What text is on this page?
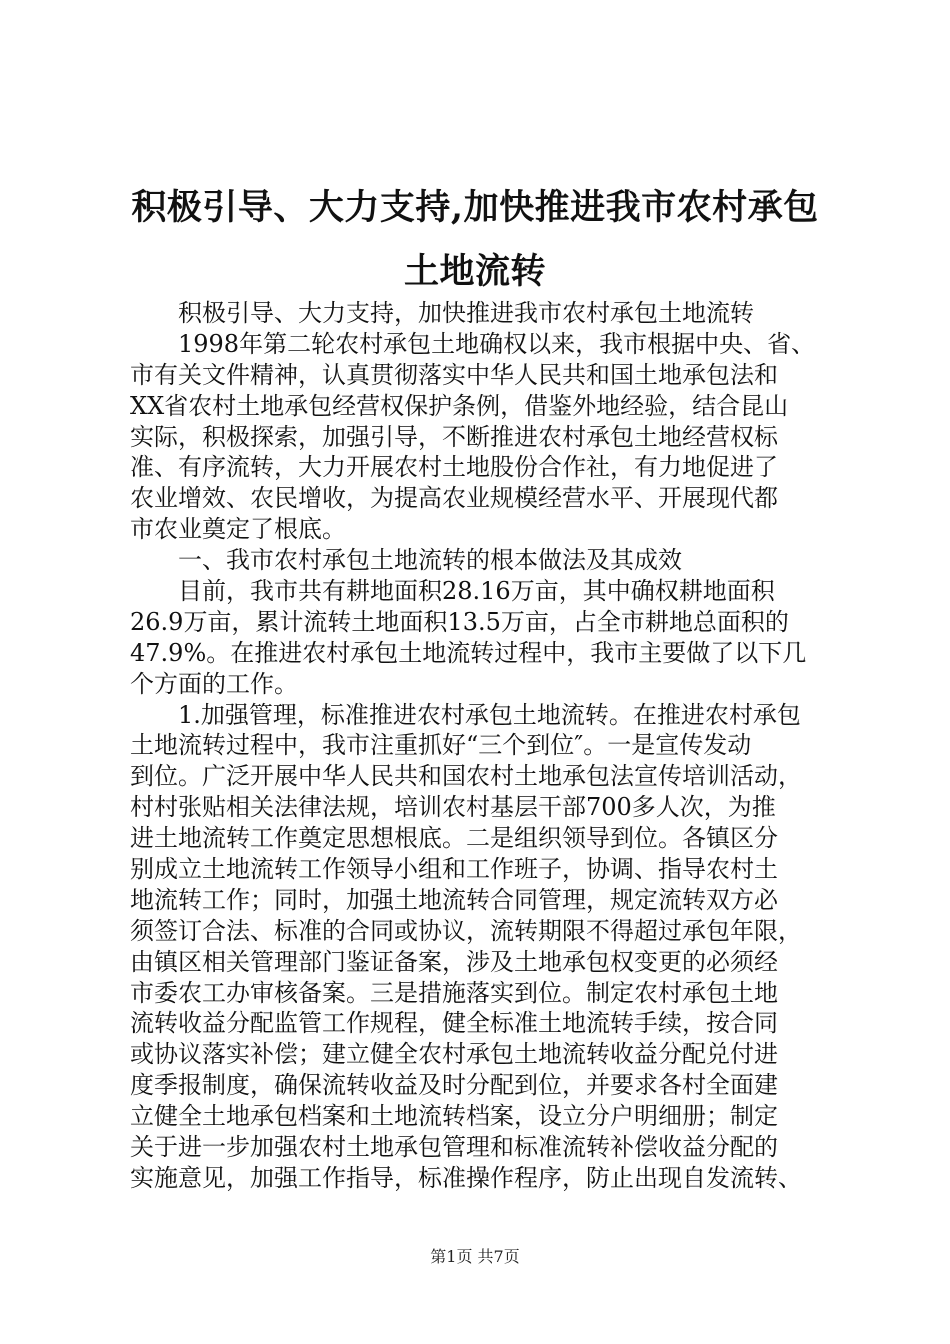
积极引导、大力支持,加快推进我市农村承包
土地流转
积极引导、大力支持，加快推进我市农村承包土地流转
1998年第二轮农村承包土地确权以来，我市根据中央、省、
市有关文件精神，认真贯彻落实中华人民共和国土地承包法和
XX省农村土地承包经营权保护条例，借鉴外地经验，结合昆山
实际，积极探索，加强引导，不断推进农村承包土地经营权标
准、有序流转，大力开展农村土地股份合作社，有力地促进了
农业增效、农民增收，为提高农业规模经营水平、开展现代都
市农业奠定了根底。
一、我市农村承包土地流转的根本做法及其成效
目前，我市共有耕地面积28.16万亩，其中确权耕地面积
26.9万亩，累计流转土地面积13.5万亩，占全市耕地总面积的
47.9%。在推进农村承包土地流转过程中，我市主要做了以下几
个方面的工作。
1.加强管理，标准推进农村承包土地流转。在推进农村承包
土地流转过程中，我市注重抓好“三个到位″。一是宣传发动
到位。广泛开展中华人民共和国农村土地承包法宣传培训活动，
村村张贴相关法律法规，培训农村基层干部700多人次，为推
进土地流转工作奠定思想根底。二是组织领导到位。各镇区分
别成立土地流转工作领导小组和工作班子，协调、指导农村土
地流转工作；同时，加强土地流转合同管理，规定流转双方必
须签订合法、标准的合同或协议，流转期限不得超过承包年限，
由镇区相关管理部门鉴证备案，涉及土地承包权变更的必须经
市委农工办审核备案。三是措施落实到位。制定农村承包土地
流转收益分配监管工作规程，健全标准土地流转手续，按合同
或协议落实补偿；建立健全农村承包土地流转收益分配兑付进
度季报制度，确保流转收益及时分配到位，并要求各村全面建
立健全土地承包档案和土地流转档案，设立分户明细册；制定
关于进一步加强农村土地承包管理和标准流转补偿收益分配的
实施意见，加强工作指导，标准操作程序，防止出现自发流转、
第1页 共7页
